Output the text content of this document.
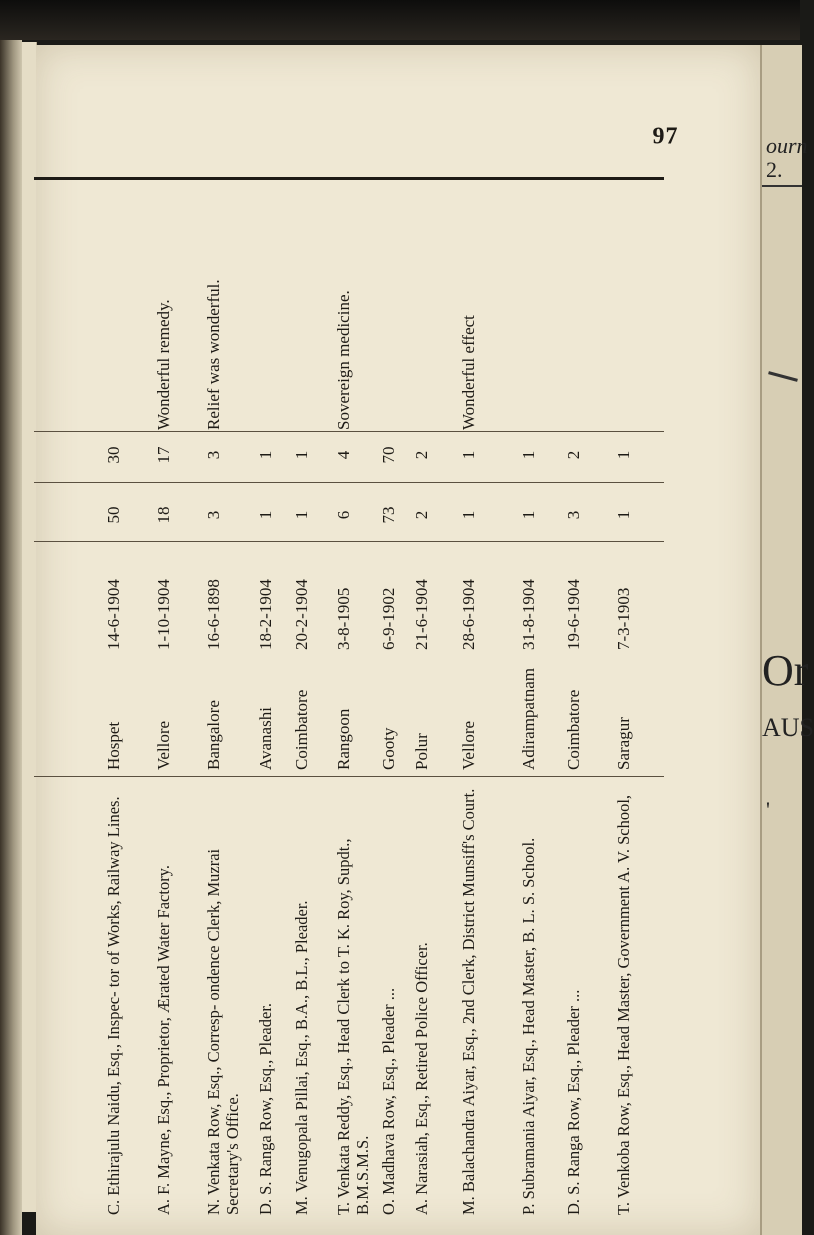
ourn
2.
Or
AUS
'
97
C. Ethirajulu Naidu, Esq., Inspec- tor of Works, Railway Lines.
Hospet
14-6-1904
50
30
A. F. Mayne, Esq., Proprietor, Ærated Water Factory.
Vellore
1-10-1904
18
17
Wonderful remedy.
N. Venkata Row, Esq., Corresp- ondence Clerk, Muzrai Secretary's Office.
Bangalore
16-6-1898
3
3
Relief was wonderful.
D. S. Ranga Row, Esq., Pleader.
Avanashi
18-2-1904
1
1
M. Venugopala Pillai, Esq., B.A., B.L., Pleader.
Coimbatore
20-2-1904
1
1
T. Venkata Reddy, Esq., Head Clerk to T. K. Roy, Supdt., B.M.S.M.S.
Rangoon
3-8-1905
6
4
Sovereign medicine.
O. Madhava Row, Esq., Pleader ...
Gooty
6-9-1902
73
70
A. Narasiah, Esq., Retired Police Officer.
Polur
21-6-1904
2
2
M. Balachandra Aiyar, Esq., 2nd Clerk, District Munsiff's Court.
Vellore
28-6-1904
1
1
Wonderful effect
P. Subramania Aiyar, Esq., Head Master, B. L. S. School.
Adirampatnam
31-8-1904
1
1
D. S. Ranga Row, Esq., Pleader ...
Coimbatore
19-6-1904
3
2
T. Venkoba Row, Esq., Head Master, Government A. V. School,
Saragur
7-3-1903
1
1
